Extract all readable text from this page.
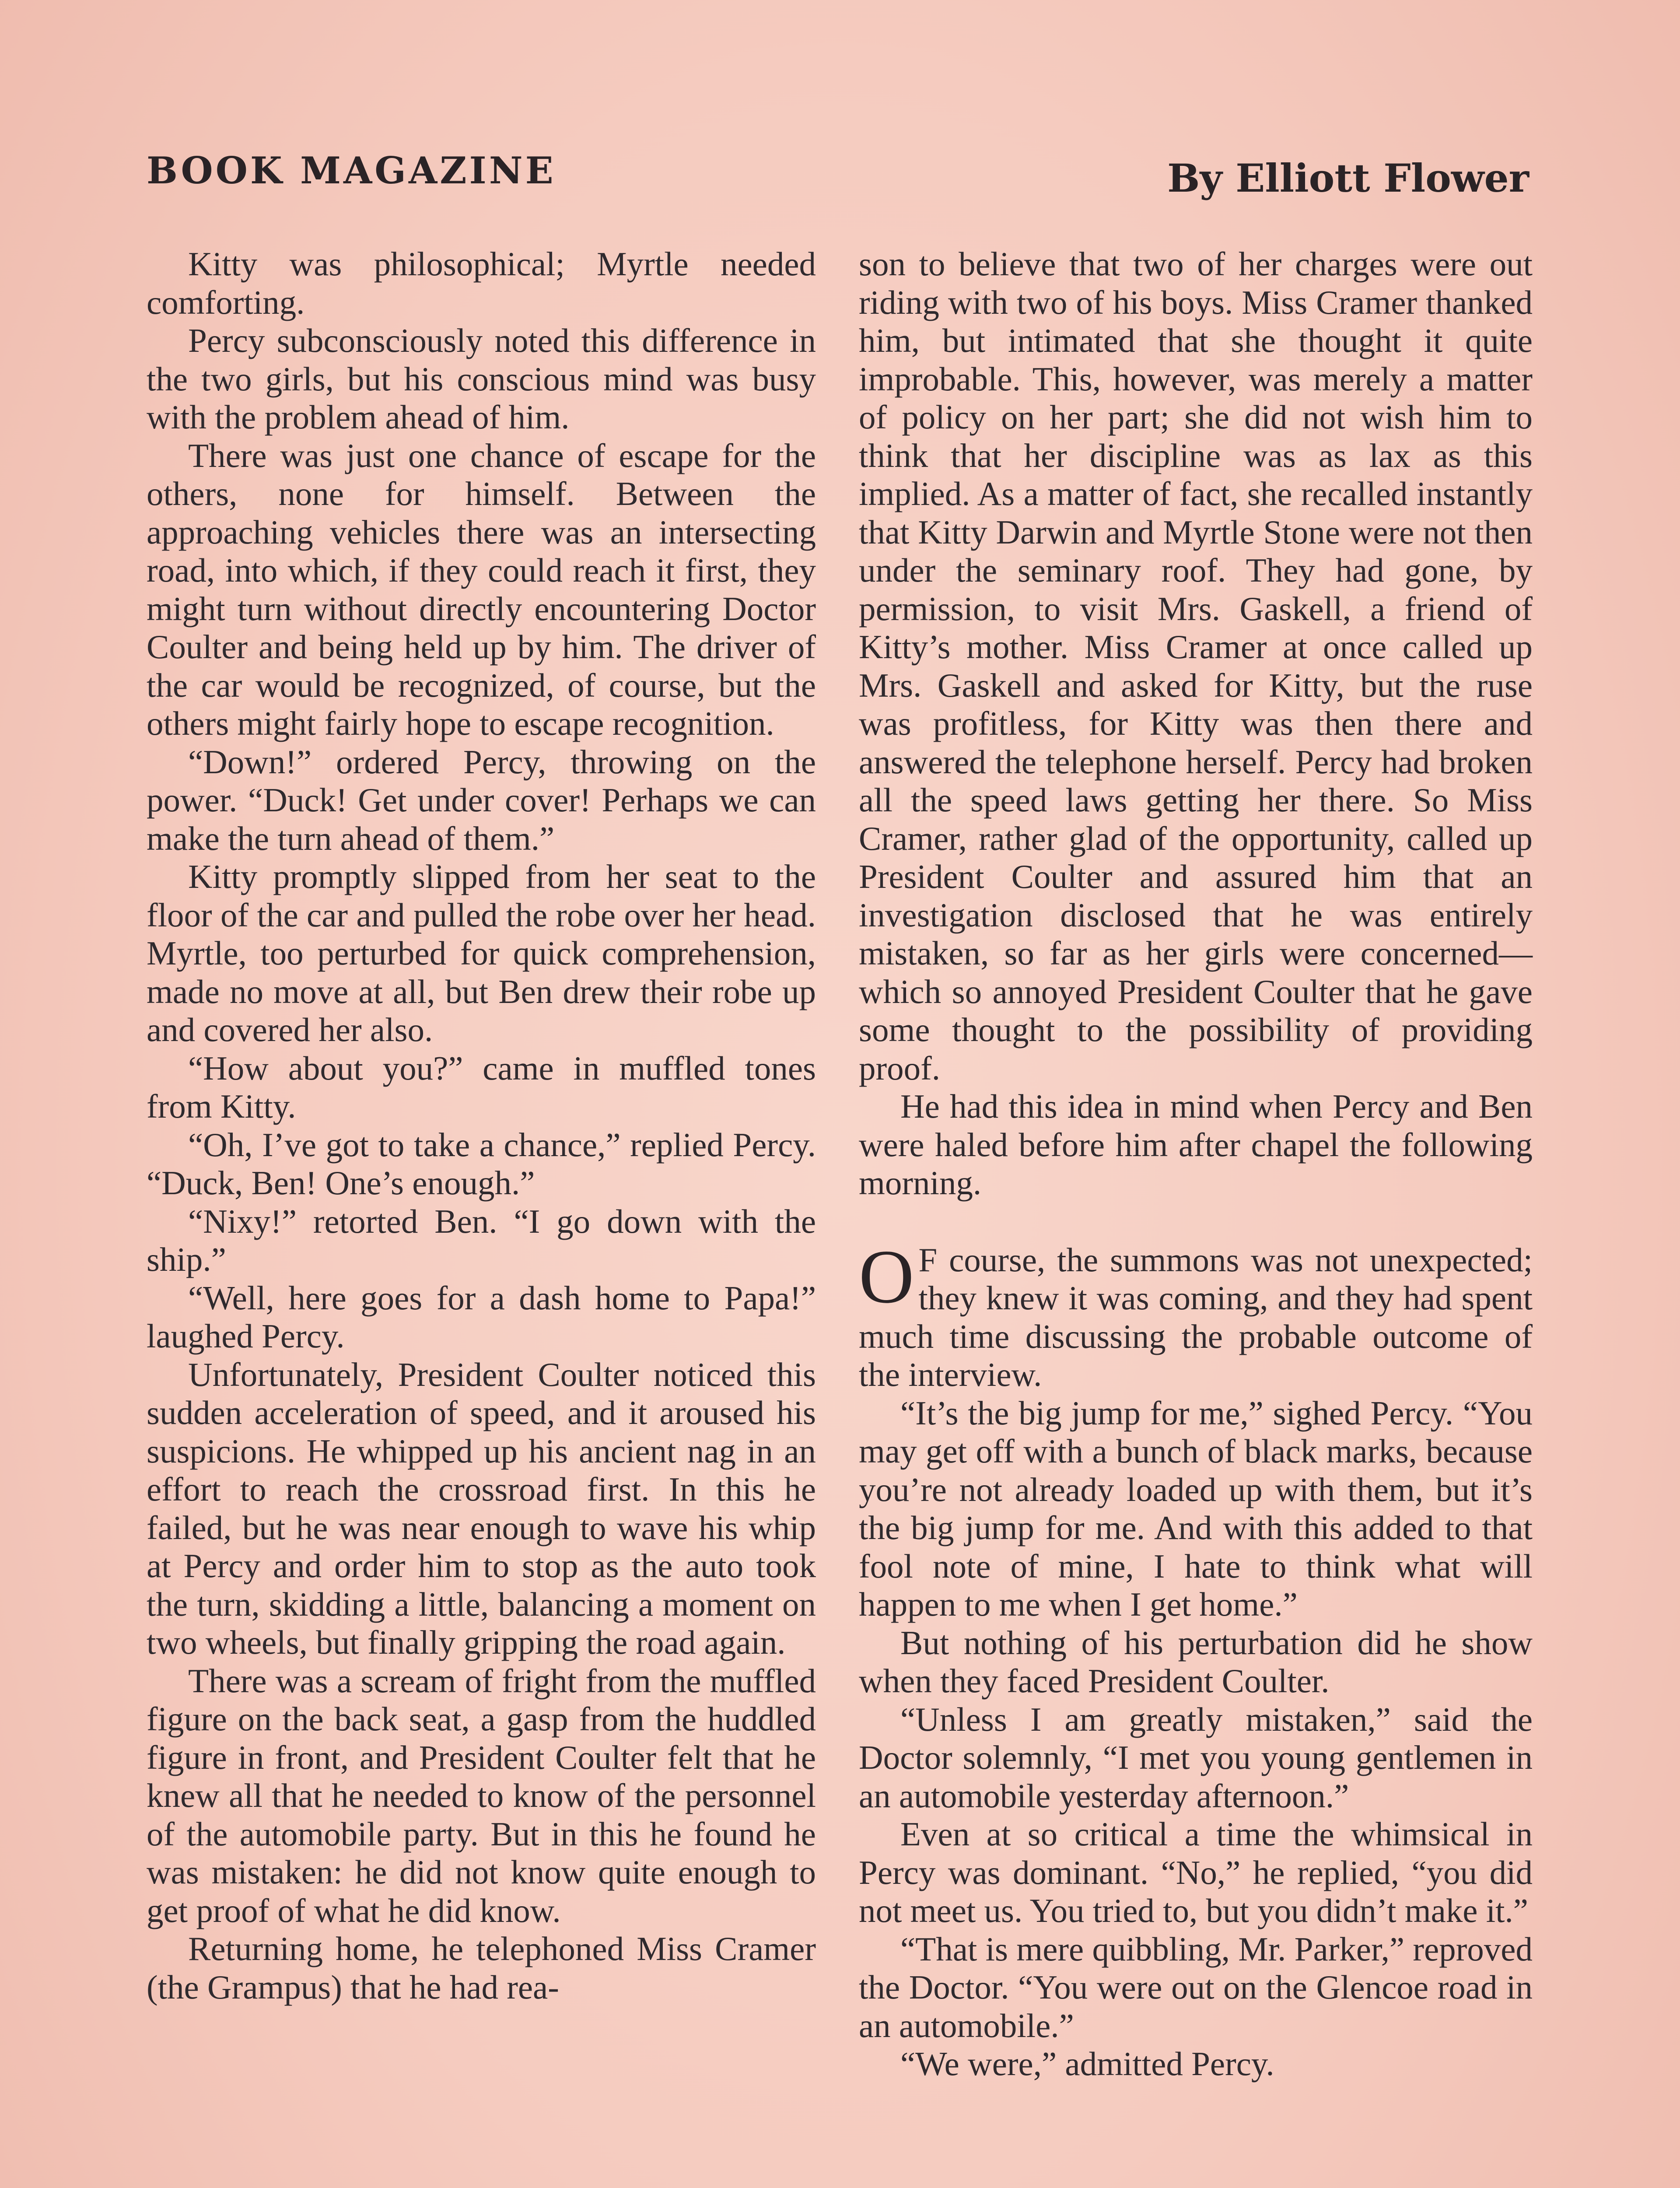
BOOK MAGAZINE	By Elliott Flower

Kitty was philosophical; Myrtle needed comforting.

Percy subconsciously noted this difference in the two girls, but his conscious mind was busy with the problem ahead of him.

There was just one chance of escape for the others, none for himself. Between the approaching vehicles there was an intersecting road, into which, if they could reach it first, they might turn without directly encountering Doctor Coulter and being held up by him. The driver of the car would be recognized, of course, but the others might fairly hope to escape recognition.

“Down!” ordered Percy, throwing on the power. “Duck! Get under cover! Perhaps we can make the turn ahead of them.”

Kitty promptly slipped from her seat to the floor of the car and pulled the robe over her head. Myrtle, too perturbed for quick comprehension, made no move at all, but Ben drew their robe up and covered her also.

“How about you?” came in muffled tones from Kitty.

“Oh, I’ve got to take a chance,” replied Percy. “Duck, Ben! One’s enough.”

“Nixy!” retorted Ben. “I go down with the ship.”

“Well, here goes for a dash home to Papa!” laughed Percy.

Unfortunately, President Coulter noticed this sudden acceleration of speed, and it aroused his suspicions. He whipped up his ancient nag in an effort to reach the crossroad first. In this he failed, but he was near enough to wave his whip at Percy and order him to stop as the auto took the turn, skidding a little, balancing a moment on two wheels, but finally gripping the road again.

There was a scream of fright from the muffled figure on the back seat, a gasp from the huddled figure in front, and President Coulter felt that he knew all that he needed to know of the personnel of the automobile party. But in this he found he was mistaken: he did not know quite enough to get proof of what he did know.

Returning home, he telephoned Miss Cramer (the Grampus) that he had rea-

son to believe that two of her charges were out riding with two of his boys. Miss Cramer thanked him, but intimated that she thought it quite improbable. This, however, was merely a matter of policy on her part; she did not wish him to think that her discipline was as lax as this implied. As a matter of fact, she recalled instantly that Kitty Darwin and Myrtle Stone were not then under the seminary roof. They had gone, by permission, to visit Mrs. Gaskell, a friend of Kitty’s mother. Miss Cramer at once called up Mrs. Gaskell and asked for Kitty, but the ruse was profitless, for Kitty was then there and answered the telephone herself. Percy had broken all the speed laws getting her there. So Miss Cramer, rather glad of the opportunity, called up President Coulter and assured him that an investigation disclosed that he was entirely mistaken, so far as her girls were concerned—which so annoyed President Coulter that he gave some thought to the possibility of providing proof.

He had this idea in mind when Percy and Ben were haled before him after chapel the following morning.

O F course, the summons was not unexpected; they knew it was coming, and they had spent much time discussing the probable outcome of the interview.

“It’s the big jump for me,” sighed Percy. “You may get off with a bunch of black marks, because you’re not already loaded up with them, but it’s the big jump for me. And with this added to that fool note of mine, I hate to think what will happen to me when I get home.”

But nothing of his perturbation did he show when they faced President Coulter.

“Unless I am greatly mistaken,” said the Doctor solemnly, “I met you young gentlemen in an automobile yesterday afternoon.”

Even at so critical a time the whimsical in Percy was dominant. “No,” he replied, “you did not meet us. You tried to, but you didn’t make it.”

“That is mere quibbling, Mr. Parker,” reproved the Doctor. “You were out on the Glencoe road in an automobile.”

“We were,” admitted Percy.
